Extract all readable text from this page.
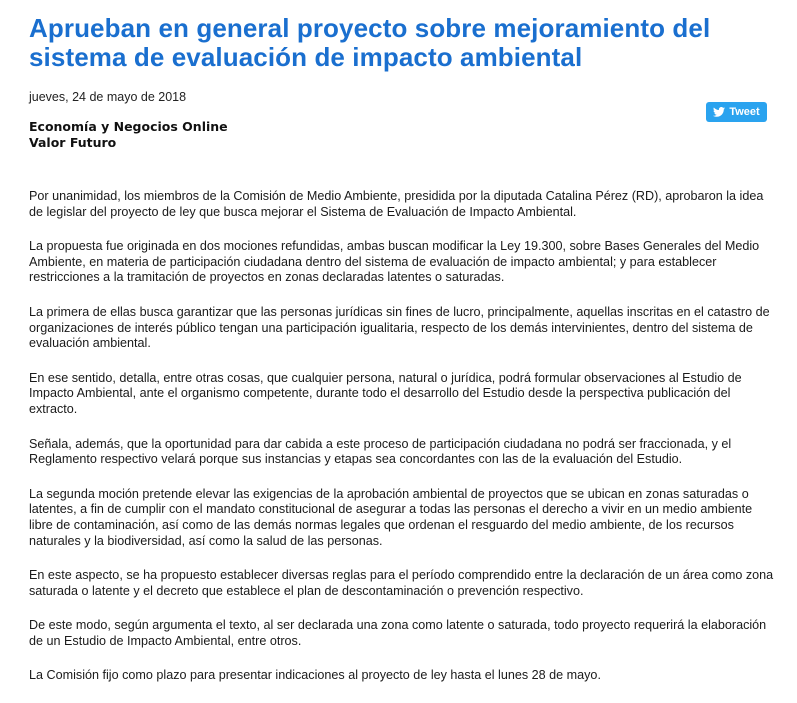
Aprueban en general proyecto sobre mejoramiento del sistema de evaluación de impacto ambiental
jueves, 24 de mayo de 2018
Economía y Negocios Online
Valor Futuro

Por unanimidad, los miembros de la Comisión de Medio Ambiente, presidida por la diputada Catalina Pérez (RD), aprobaron la idea de legislar del proyecto de ley que busca mejorar el Sistema de Evaluación de Impacto Ambiental.

La propuesta fue originada en dos mociones refundidas, ambas buscan modificar la Ley 19.300, sobre Bases Generales del Medio Ambiente, en materia de participación ciudadana dentro del sistema de evaluación de impacto ambiental; y para establecer restricciones a la tramitación de proyectos en zonas declaradas latentes o saturadas.

La primera de ellas busca garantizar que las personas jurídicas sin fines de lucro, principalmente, aquellas inscritas en el catastro de organizaciones de interés público tengan una participación igualitaria, respecto de los demás intervinientes, dentro del sistema de evaluación ambiental.

En ese sentido, detalla, entre otras cosas, que cualquier persona, natural o jurídica, podrá formular observaciones al Estudio de Impacto Ambiental, ante el organismo competente, durante todo el desarrollo del Estudio desde la perspectiva publicación del extracto.

Señala, además, que la oportunidad para dar cabida a este proceso de participación ciudadana no podrá ser fraccionada, y el Reglamento respectivo velará porque sus instancias y etapas sea concordantes con las de la evaluación del Estudio.

La segunda moción pretende elevar las exigencias de la aprobación ambiental de proyectos que se ubican en zonas saturadas o latentes, a fin de cumplir con el mandato constitucional de asegurar a todas las personas el derecho a vivir en un medio ambiente libre de contaminación, así como de las demás normas legales que ordenan el resguardo del medio ambiente, de los recursos naturales y la biodiversidad, así como la salud de las personas.

En este aspecto, se ha propuesto establecer diversas reglas para el período comprendido entre la declaración de un área como zona saturada o latente y el decreto que establece el plan de descontaminación o prevención respectivo.

De este modo, según argumenta el texto, al ser declarada una zona como latente o saturada, todo proyecto requerirá la elaboración de un Estudio de Impacto Ambiental, entre otros.

La Comisión fijo como plazo para presentar indicaciones al proyecto de ley hasta el lunes 28 de mayo.

Tweet
